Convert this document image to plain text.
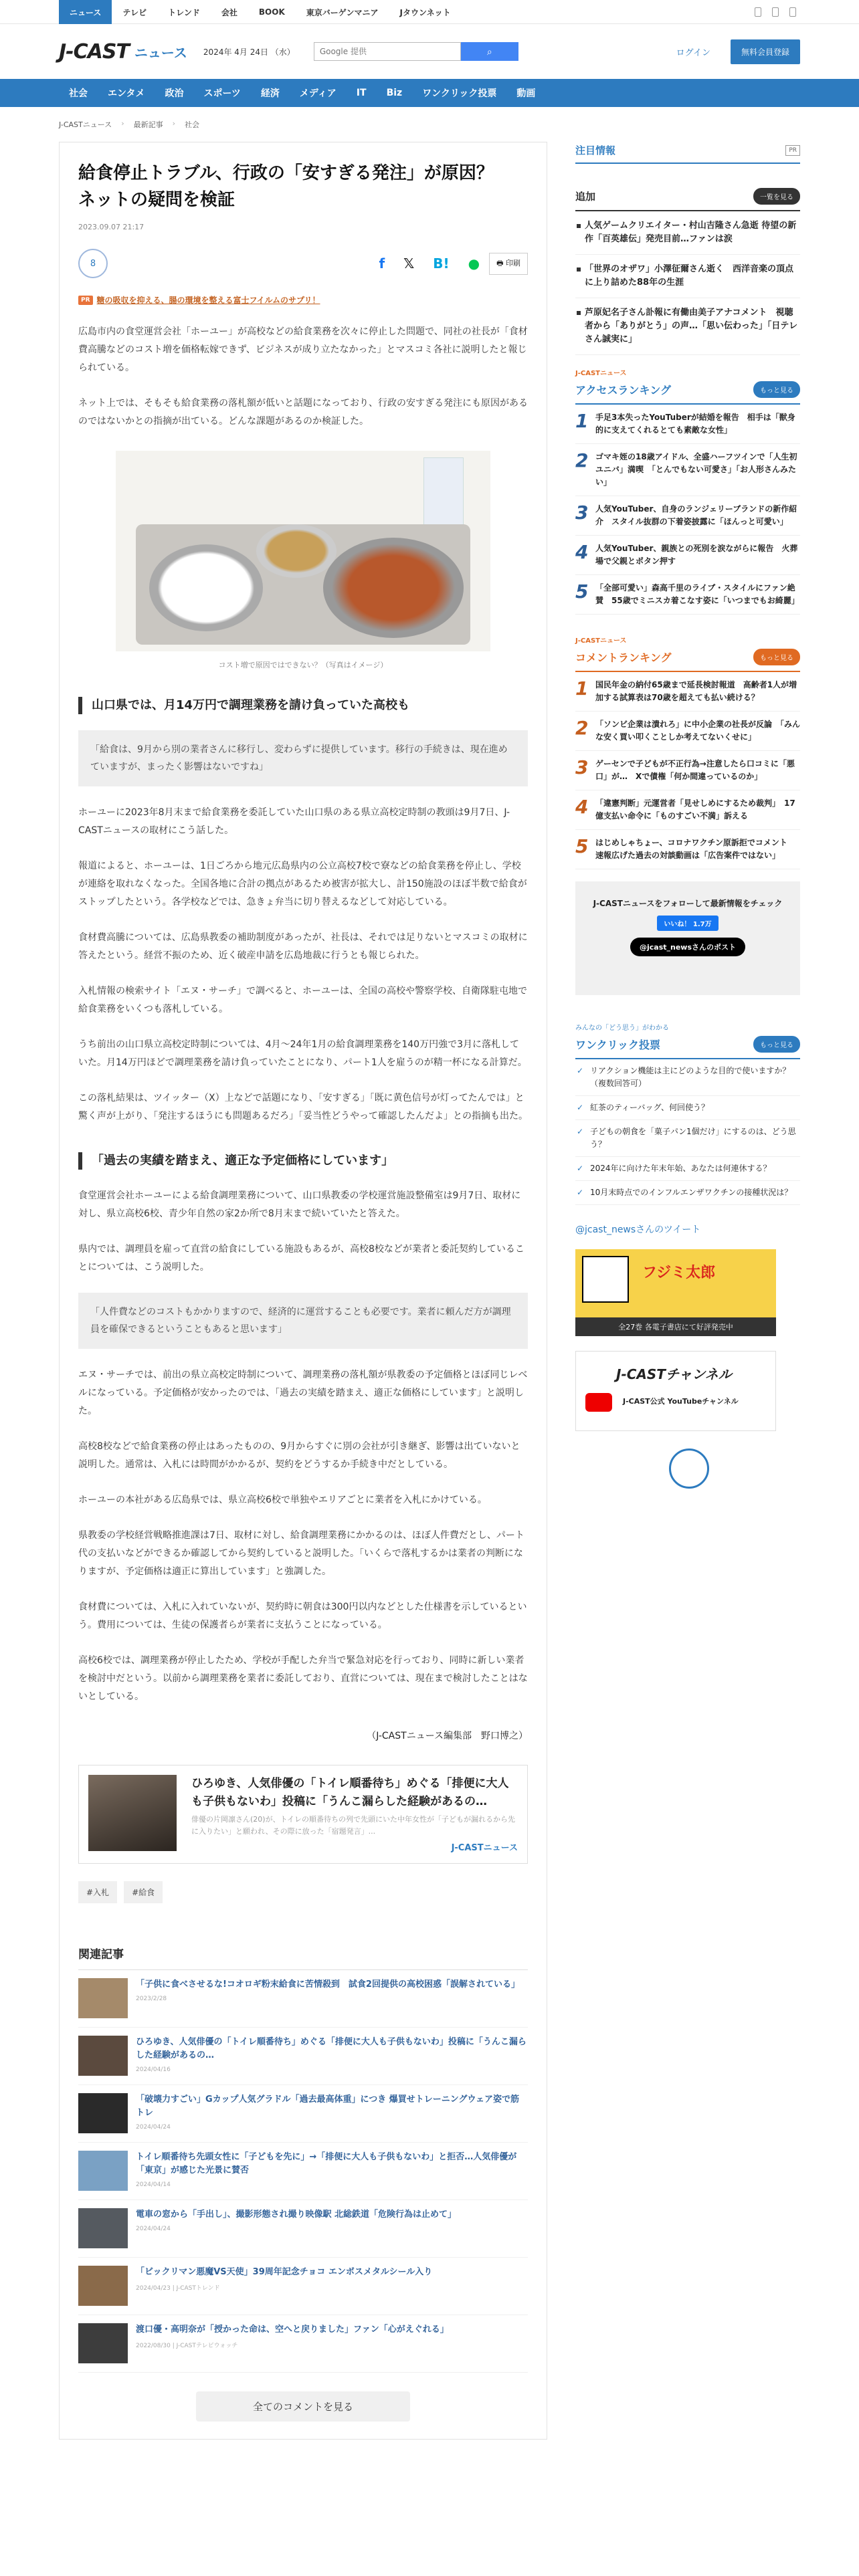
ニュース	テレビ	トレンド	会社	BOOK	東京バーゲンマニア	Jタウンネット
J-CAST ニュース 2024年 4月 24日 （水）
Google 提供	⌕	ログイン	無料会員登録
社会	エンタメ	政治	スポーツ	経済	メディア	IT	Biz	ワンクリック投票	動画
J-CASTニュース › 最新記事 › 社会
給食停止トラブル、行政の「安すぎる発注」が原因？　ネットの疑問を検証
2023.09.07 21:17
8	f 𝕏 B! ●	🖶 印刷
PR 糖の吸収を抑える、腸の環境を整える富士フイルムのサプリ！

広島市内の食堂運営会社「ホーユー」が高校などの給食業務を次々に停止した問題で、同社の社長が「食材費高騰などのコスト増を価格転嫁できず、ビジネスが成り立たなかった」とマスコミ各社に説明したと報じられている。

ネット上では、そもそも給食業務の落札額が低いと話題になっており、行政の安すぎる発注にも原因があるのではないかとの指摘が出ている。どんな課題があるのか検証した。

コスト増で原因ではできない？（写真はイメージ）
山口県では、月14万円で調理業務を請け負っていた高校も
「給食は、9月から別の業者さんに移行し、変わらずに提供しています。移行の手続きは、現在進めていますが、まったく影響はないですね」

ホーユーに2023年8月末まで給食業務を委託していた山口県のある県立高校定時制の教頭は9月7日、J-CASTニュースの取材にこう話した。

報道によると、ホーユーは、1日ごろから地元広島県内の公立高校7校で寮などの給食業務を停止し、学校が連絡を取れなくなった。全国各地に合計の拠点があるため被害が拡大し、計150施設のほぼ半数で給食がストップしたという。各学校などでは、急きょ弁当に切り替えるなどして対応している。

食材費高騰については、広島県教委の補助制度があったが、社長は、それでは足りないとマスコミの取材に答えたという。経営不振のため、近く破産申請を広島地裁に行うとも報じられた。

入札情報の検索サイト「エヌ・サーチ」で調べると、ホーユーは、全国の高校や警察学校、自衛隊駐屯地で給食業務をいくつも落札している。

うち前出の山口県立高校定時制については、4月〜24年1月の給食調理業務を140万円強で3月に落札していた。月14万円ほどで調理業務を請け負っていたことになり、パート1人を雇うのが精一杯になる計算だ。

この落札結果は、ツイッター（X）上などで話題になり、「安すぎる」「既に黄色信号が灯ってたんでは」と驚く声が上がり、「発注するほうにも問題あるだろ」「妥当性どうやって確認したんだよ」との指摘も出た。

「過去の実績を踏まえ、適正な予定価格にしています」

食堂運営会社ホーユーによる給食調理業務について、山口県教委の学校運営施設整備室は9月7日、取材に対し、県立高校6校、青少年自然の家2か所で8月末まで続いていたと答えた。

県内では、調理員を雇って直営の給食にしている施設もあるが、高校8校などが業者と委託契約していることについては、こう説明した。

「人件費などのコストもかかりますので、経済的に運営することも必要です。業者に頼んだ方が調理員を確保できるということもあると思います」

エヌ・サーチでは、前出の県立高校定時制について、調理業務の落札額が県教委の予定価格とほぼ同じレベルになっている。予定価格が安かったのでは、「過去の実績を踏まえ、適正な価格にしています」と説明した。

高校8校などで給食業務の停止はあったものの、9月からすぐに別の会社が引き継ぎ、影響は出ていないと説明した。通常は、入札には時間がかかるが、契約をどうするか手続き中だとしている。

ホーユーの本社がある広島県では、県立高校6校で単独やエリアごとに業者を入札にかけている。

県教委の学校経営戦略推進課は7日、取材に対し、給食調理業務にかかるのは、ほぼ人件費だとし、パート代の支払いなどができるか確認してから契約していると説明した。「いくらで落札するかは業者の判断になりますが、予定価格は適正に算出しています」と強調した。

食材費については、入札に入れていないが、契約時に朝食は300円以内などとした仕様書を示しているという。費用については、生徒の保護者らが業者に支払うことになっている。

高校6校では、調理業務が停止したため、学校が手配した弁当で緊急対応を行っており、同時に新しい業者を検討中だという。以前から調理業務を業者に委託しており、直営については、現在まで検討したことはないとしている。

（J-CASTニュース編集部　野口博之）
ひろゆき、人気俳優の「トイレ順番待ち」めぐる「排便に大人も子供もないわ」投稿に「うんこ漏らした経験があるの…
俳優の片岡凛さん(20)が、トイレの順番待ちの列で先頭にいた中年女性が「子どもが漏れるから先に入りたい」と願われ、その際に放った「宿題発言」...
J-CASTニュース
#入札	#給食
関連記事
「子供に食べさせるな!コオロギ粉末給食に苦情殺到　試食2回提供の高校困惑「誤解されている」
2023/2/28
ひろゆき、人気俳優の「トイレ順番待ち」めぐる「排便に大人も子供もないわ」投稿に「うんこ漏らした経験があるの…
2024/04/16
「破壊力すごい」Gカップ人気グラドル「過去最高体重」につき 爆買せトレーニングウェア姿で筋トレ
2024/04/24
トイレ順番待ち先頭女性に「子どもを先に」→「排便に大人も子供もないわ」と拒否…人気俳優が「東京」が感じた光景に賛否
2024/04/14
電車の窓から「手出し」、撮影形態され撮り映像駅 北総鉄道「危険行為は止めて」
2024/04/24
「ビックリマン悪魔VS天使」39周年記念チョコ エンボスメタルシール入り
2024/04/23 | J-CASTトレンド
渡口優・高明奈が「授かった命は、空へと戻りました」ファン「心がえぐれる」
2022/08/30 | J-CASTテレビウォッチ
全てのコメントを見る
注目情報	PR
追加	一覧を見る
人気ゲームクリエイター・村山吉隆さん急逝 待望の新作「百英雄伝」発売目前…ファンは涙
「世界のオザワ」小澤征爾さん逝く　西洋音楽の頂点に上り詰めた88年の生涯
芦原妃名子さん訃報に有働由美子アナコメント　視聴者から「ありがとう」の声…「思い伝わった」「日テレさん誠実に」
J-CASTニュース
アクセスランキング	もっと見る
1 手足3本失ったYouTuberが結婚を報告　相手は「獣身的に支えてくれるとても素敵な女性」
2 ゴマキ姪の18歳アイドル、全盛ハーフツインで「人生初ユニバ」満喫　「とんでもない可愛さ」「お人形さんみたい」
3 人気YouTuber、自身のランジェリーブランドの新作紹介　スタイル抜群の下着姿披露に「ほんっと可愛い」
4 人気YouTuber、親族との死別を涙ながらに報告　火葬場で父親とポタン押す
5 「全部可愛い」森高千里のライブ・スタイルにファン絶賛　55歳でミニスカ着こなす姿に「いつまでもお綺麗」
J-CASTニュース
コメントランキング	もっと見る
1 国民年金の納付65歳まで延長検討報道　高齢者1人が増加する試算表は70歳を超えても払い続ける？
2 「ソンビ企業は潰れろ」に中小企業の社長が反論　「みんな安く買い叩くことしか考えてないくせに」
3 ゲーセンで子どもが不正行為→注意したら口コミに「悪口」が…　Xで債権「何か間違っているのか」
4 「違憲判断」元運営者「見せしめにするため裁判」　17億支払い命令に「ものすごい不満」訴える
5 はじめしゃちょー、コロナワクチン原訴拒でコメント　速報広げた過去の対談動画は「広告案件ではない」
J-CASTニュースをフォローして最新情報をチェック
いいね！ 1.7万
@jcast_newsさんのポスト
みんなの「どう思う」がわかる
ワンクリック投票	もっと見る
✓ リアクション機能は主にどのような目的で使いますか？（複数回答可）
✓ 紅茶のティーバッグ、何回使う？
✓ 子どもの朝食を「菓子パン1個だけ」にするのは、どう思う？
✓ 2024年に向けた年末年始、あなたは何連休する？
✓ 10月末時点でのインフルエンザワクチンの接種状況は？
@jcast_newsさんのツイート
フジミ太郎
全27巻 各電子書店にて好評発売中
J-CASTチャンネル
J-CAST公式 YouTubeチャンネル
